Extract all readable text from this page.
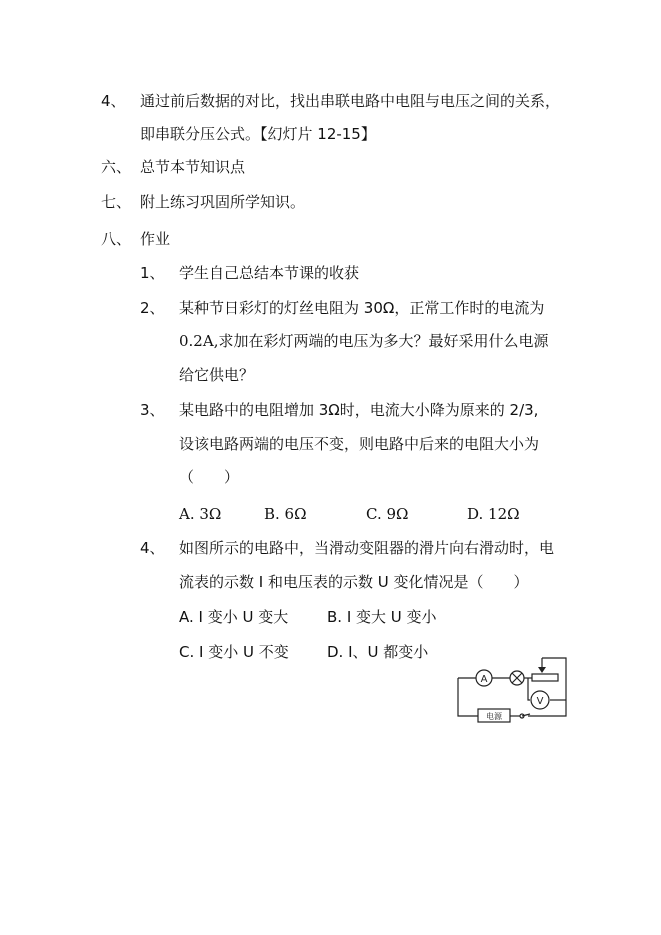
4、 通过前后数据的对比，找出串联电路中电阻与电压之间的关系，
即串联分压公式。【幻灯片 12-15】
六、 总节本节知识点
七、 附上练习巩固所学知识。
八、 作业
1、 学生自己总结本节课的收获
2、 某种节日彩灯的灯丝电阻为 30Ω，正常工作时的电流为
0.2A,求加在彩灯两端的电压为多大？最好采用什么电源
给它供电？
3、 某电路中的电阻增加 3Ω时，电流大小降为原来的 2/3,
设该电路两端的电压不变，则电路中后来的电阻大小为
（　　）
A. 3Ω	B. 6Ω	C. 9Ω	D. 12Ω
4、 如图所示的电路中，当滑动变阻器的滑片向右滑动时，电
流表的示数 I 和电压表的示数 U 变化情况是（　　）
A. I 变小 U 变大	B. I 变大 U 变小
C. I 变小 U 不变	D. I、U 都变小
A
V
电源
